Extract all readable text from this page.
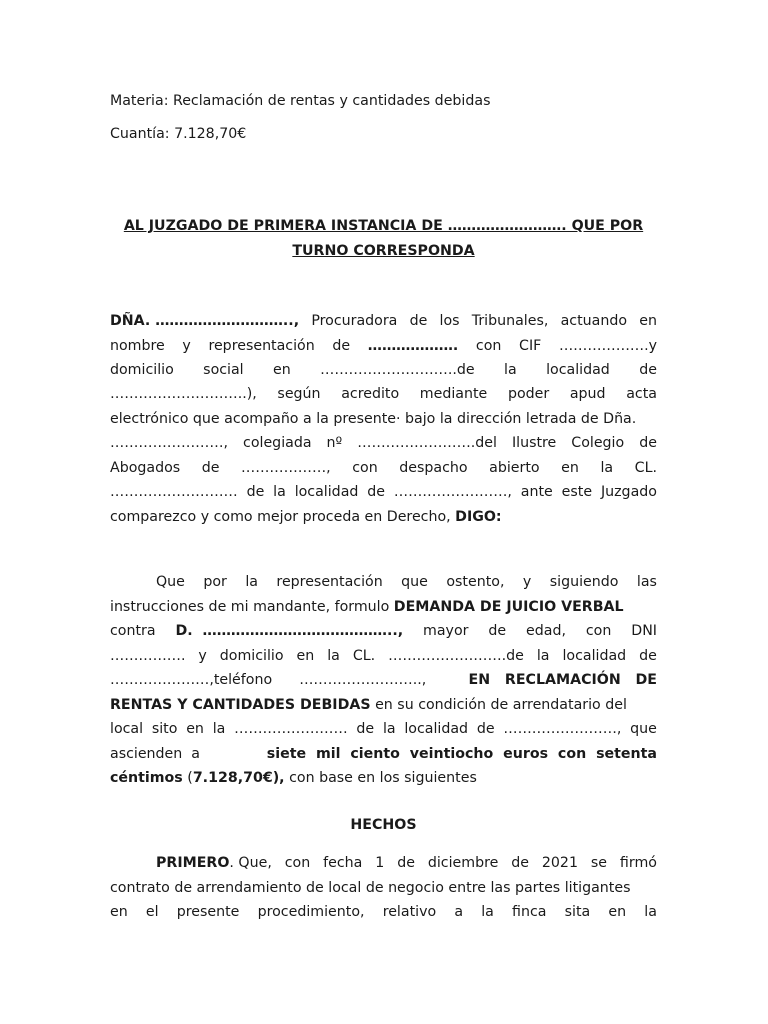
Materia: Reclamación de rentas y cantidades debidas
Cuantía: 7.128,70€
AL JUZGADO DE PRIMERA INSTANCIA DE ……………………. QUE POR
TURNO CORRESPONDA
DÑA. ……………………….., Procuradora de los Tribunales, actuando en
nombre y representación de ………………. con CIF ……………….y
domicilio social en ………………………..de la localidad de
………………………..), según acredito mediante poder apud acta
electrónico que acompaño a la presente· bajo la dirección letrada de Dña.
……………………, colegiada nº …………………….del Ilustre Colegio de
Abogados de ………………, con despacho abierto en la CL.
……………………… de la localidad de ……………………, ante este Juzgado
comparezco y como mejor proceda en Derecho, DIGO:
Que por la representación que ostento, y siguiendo las
instrucciones de mi mandante, formulo DEMANDA DE JUICIO VERBAL
contra D.  ………………………………….., mayor de edad, con DNI
……………. y domicilio en la CL. …………………….de la localidad de
…………………,teléfono      ……………………..,	EN   RECLAMACIÓN   DE
RENTAS Y CANTIDADES DEBIDAS en su condición de arrendatario del
local sito en la …………………… de la localidad de ……………………, que
ascienden  a	siete  mil  ciento  veintiocho  euros  con  setenta
céntimos (7.128,70€), con base en los siguientes
HECHOS
PRIMERO. Que, con fecha 1 de diciembre de 2021 se firmó
contrato de arrendamiento de local de negocio entre las partes litigantes
en el presente procedimiento, relativo a la finca sita en la
